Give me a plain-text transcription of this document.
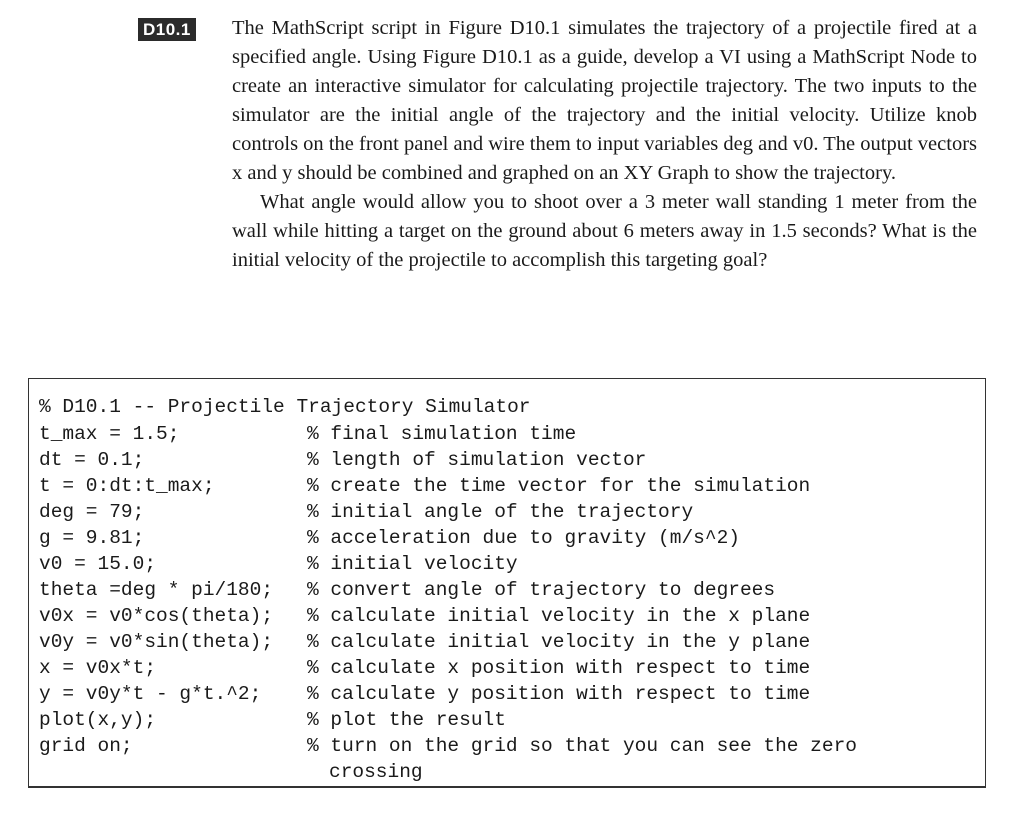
D10.1 The MathScript script in Figure D10.1 simulates the trajectory of a projectile fired at a specified angle. Using Figure D10.1 as a guide, develop a VI using a MathScript Node to create an interactive simulator for calculating projectile trajectory. The two inputs to the simulator are the initial angle of the trajectory and the initial velocity. Utilize knob controls on the front panel and wire them to input variables deg and v0. The output vectors x and y should be combined and graphed on an XY Graph to show the trajectory.

What angle would allow you to shoot over a 3 meter wall standing 1 meter from the wall while hitting a target on the ground about 6 meters away in 1.5 seconds? What is the initial velocity of the projectile to accomplish this targeting goal?

% D10.1 -- Projectile Trajectory Simulator

t_max = 1.5;

	% final simulation time

dt = 0.1;

	% length of simulation vector

t = 0:dt:t_max;

	% create the time vector for the simulation

deg = 79;

	% initial angle of the trajectory

g = 9.81;

	% acceleration due to gravity (m/s^2)

v0 = 15.0;

	% initial velocity

theta =deg * pi/180;

% convert angle of trajectory to degrees

v0x = v0*cos(theta);

% calculate initial velocity in the x plane

v0y = v0*sin(theta);

% calculate initial velocity in the y plane

x = v0x*t;

	% calculate x position with respect to time

y = v0y*t - g*t.^2;

% calculate y position with respect to time

plot(x,y);

	% plot the result

grid on;

	% turn on the grid so that you can see the zero

crossing
